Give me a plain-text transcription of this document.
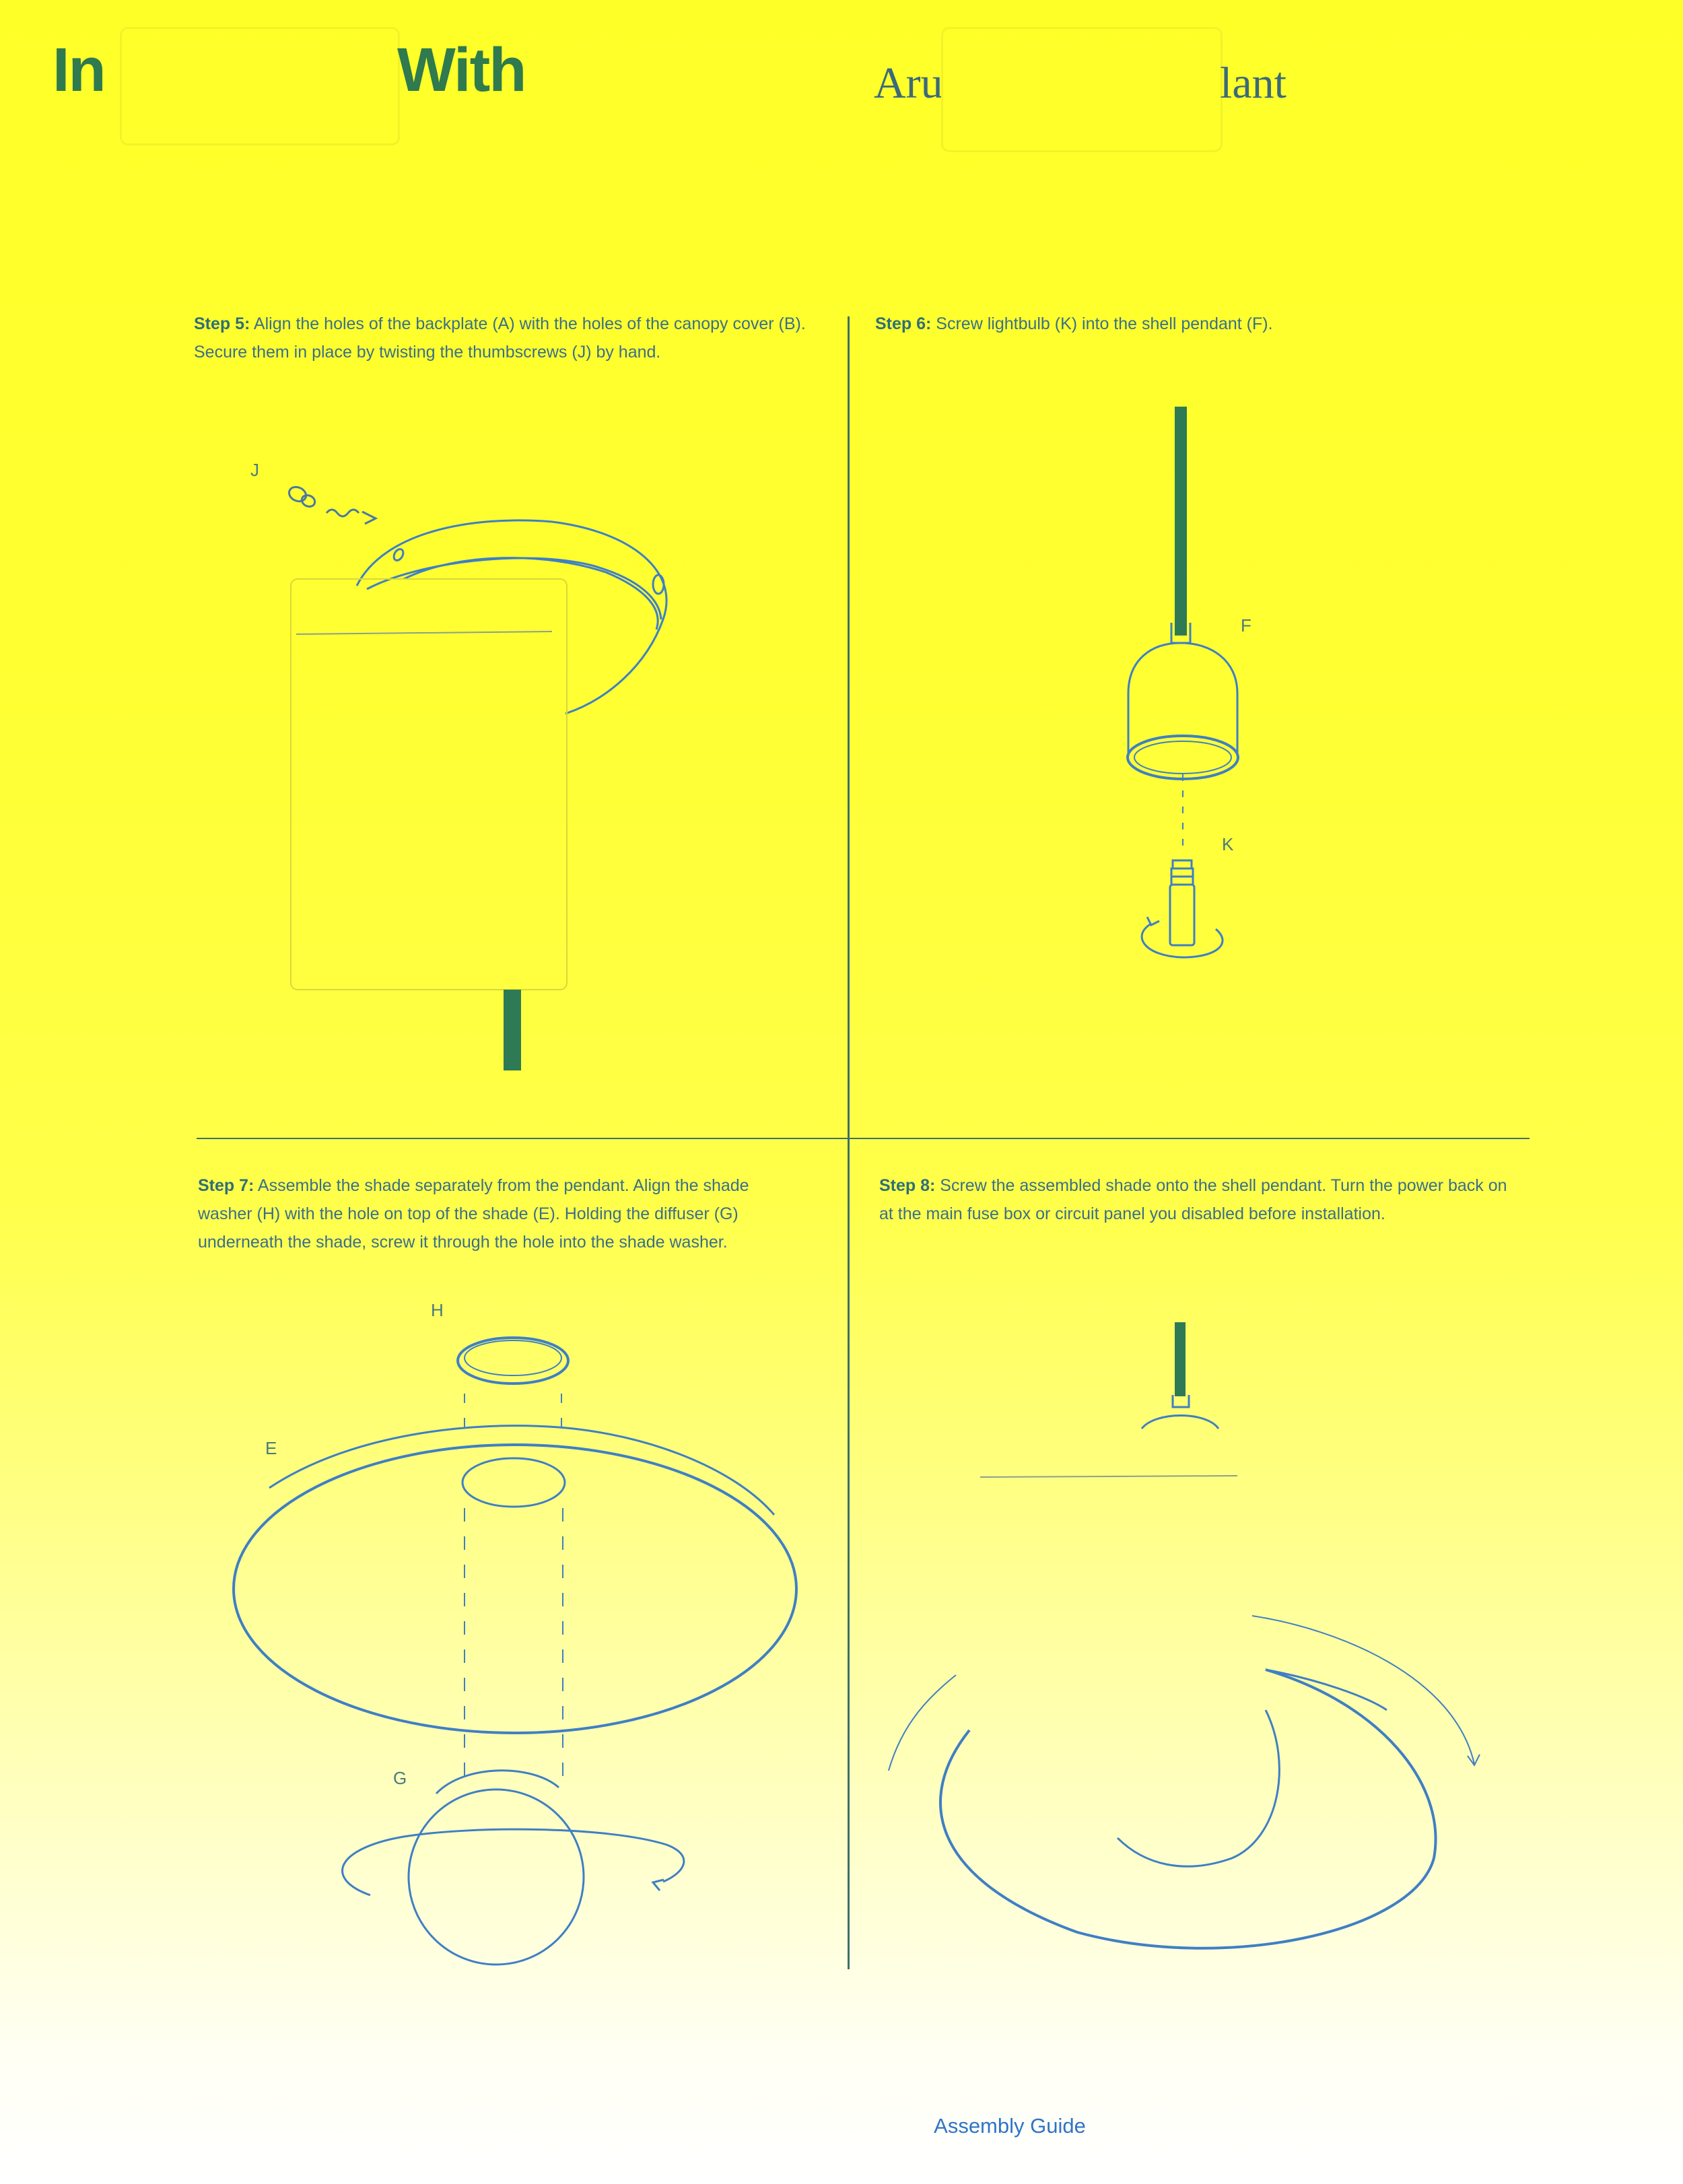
In	With	Aru	lant
Step 5: Align the holes of the backplate (A) with the holes of the canopy cover (B). Secure them in place by twisting the thumbscrews (J) by hand.
Step 6: Screw lightbulb (K) into the shell pendant (F).
Step 7: Assemble the shade separately from the pendant. Align the shade washer (H) with the hole on top of the shade (E). Holding the diffuser (G) underneath the shade, screw it through the hole into the shade washer.
Step 8: Screw the assembled shade onto the shell pendant. Turn the power back on at the main fuse box or circuit panel you disabled before installation.
J
F
K
H
E
G
Assembly Guide
